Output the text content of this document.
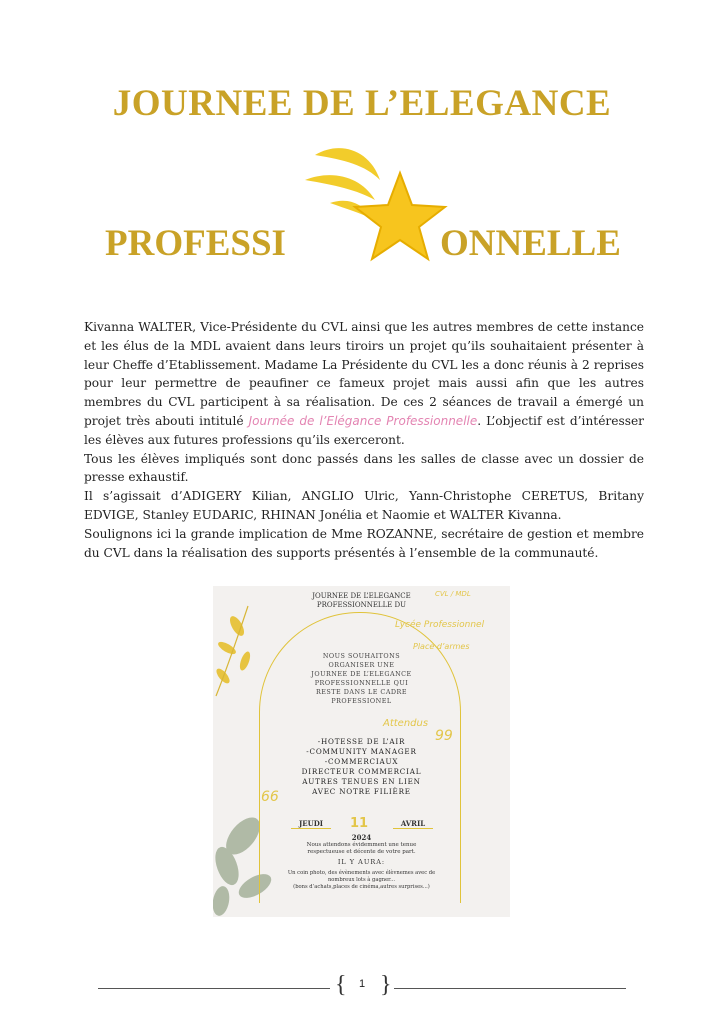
JOURNEE DE L’ELEGANCE
PROFESSI	ONNELLE

Kivanna WALTER, Vice-Présidente du CVL ainsi que les autres membres de cette instance et les élus de la MDL avaient dans leurs tiroirs un projet qu’ils souhaitaient présenter à leur Cheffe d’Etablissement. Madame La Présidente du CVL les a donc réunis à 2 reprises pour leur permettre de peaufiner ce fameux projet mais aussi afin que les autres membres du CVL participent à sa réalisation. De ces 2 séances de travail a émergé un projet très abouti intitulé Journée de l’Elégance Professionnelle. L’objectif est d’intéresser les élèves aux futures professions qu’ils exerceront.

Tous les élèves impliqués sont donc passés dans les salles de classe avec un dossier de presse exhaustif.

Il s’agissait d’ADIGERY Kilian, ANGLIO Ulric, Yann-Christophe CERETUS, Britany EDVIGE, Stanley EUDARIC, RHINAN Jonélia et Naomie et WALTER Kivanna.

Soulignons ici la grande implication de Mme ROZANNE, secrétaire de gestion et membre du CVL dans la réalisation des supports présentés à l’ensemble de la communauté.

JOURNEE DE L’ELEGANCE
PROFESSIONNELLE DU
CVL / MDL
Lycée Professionnel
Place d’armes
NOUS SOUHAITONS
ORGANISER UNE
JOURNEE DE L’ELEGANCE
PROFESSIONNELLE QUI
RESTE DANS LE CADRE
PROFESSIONEL
Attendus
99
-HOTESSE DE L’AIR
-COMMUNITY MANAGER
-COMMERCIAUX
DIRECTEUR COMMERCIAL
AUTRES TENUES EN LIEN
AVEC NOTRE FILIÈRE
66
JEUDI	11	AVRIL
2024
Nous attendons évidemment une tenue
respectueuse et décente de votre part.
IL Y AURA:
Un coin photo, des évènements avec élèvnemes avec de
nombreux lots à gagner...
(bons d’achats,places de cinéma,autres surprises...)
{	1 }
